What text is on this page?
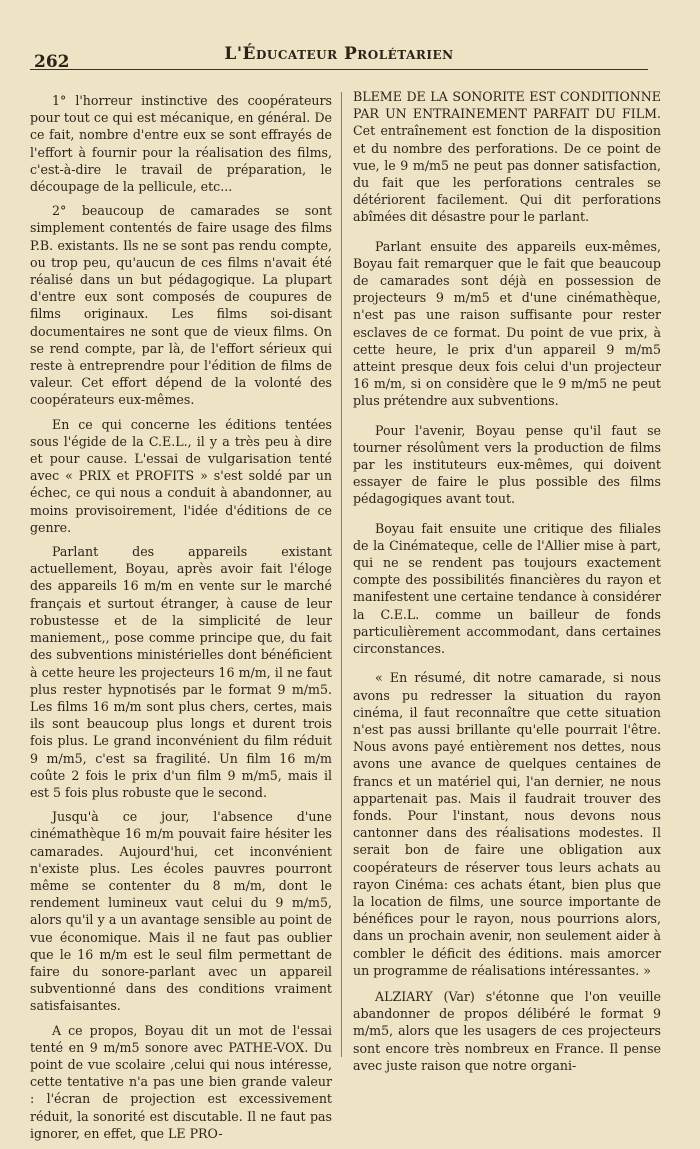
262	L'Éducateur Prolétarien

1° l'horreur instinctive des coopérateurs pour tout ce qui est mécanique, en général. De ce fait, nombre d'entre eux se sont effrayés de l'effort à fournir pour la réalisation des films, c'est-à-dire le travail de préparation, le découpage de la pellicule, etc...

2° beaucoup de camarades se sont simplement contentés de faire usage des films P.B. existants. Ils ne se sont pas rendu compte, ou trop peu, qu'aucun de ces films n'avait été réalisé dans un but pédagogique. La plupart d'entre eux sont composés de coupures de films originaux. Les films soi-disant documentaires ne sont que de vieux films. On se rend compte, par là, de l'effort sérieux qui reste à entreprendre pour l'édition de films de valeur. Cet effort dépend de la volonté des coopérateurs eux-mêmes.

En ce qui concerne les éditions tentées sous l'égide de la C.E.L., il y a très peu à dire et pour cause. L'essai de vulgarisation tenté avec « PRIX et PROFITS » s'est soldé par un échec, ce qui nous a conduit à abandonner, au moins provisoirement, l'idée d'éditions de ce genre.

Parlant des appareils existant actuellement, Boyau, après avoir fait l'éloge des appareils 16 m/m en vente sur le marché français et surtout étranger, à cause de leur robustesse et de la simplicité de leur maniement,, pose comme principe que, du fait des subventions ministérielles dont bénéficient à cette heure les projecteurs 16 m/m, il ne faut plus rester hypnotisés par le format 9 m/m5. Les films 16 m/m sont plus chers, certes, mais ils sont beaucoup plus longs et durent trois fois plus. Le grand inconvénient du film réduit 9 m/m5, c'est sa fragilité. Un film 16 m/m coûte 2 fois le prix d'un film 9 m/m5, mais il est 5 fois plus robuste que le second.

Jusqu'à ce jour, l'absence d'une cinémathèque 16 m/m pouvait faire hésiter les camarades. Aujourd'hui, cet inconvénient n'existe plus. Les écoles pauvres pourront même se contenter du 8 m/m, dont le rendement lumineux vaut celui du 9 m/m5, alors qu'il y a un avantage sensible au point de vue économique. Mais il ne faut pas oublier que le 16 m/m est le seul film permettant de faire du sonore-parlant avec un appareil subventionné dans des conditions vraiment satisfaisantes.

A ce propos, Boyau dit un mot de l'essai tenté en 9 m/m5 sonore avec PATHE-VOX. Du point de vue scolaire ,celui qui nous intéresse, cette tentative n'a pas une bien grande valeur : l'écran de projection est excessivement réduit, la sonorité est discutable. Il ne faut pas ignorer, en effet, que LE PRO-

BLEME DE LA SONORITE EST CONDITIONNE PAR UN ENTRAINEMENT PARFAIT DU FILM. Cet entraînement est fonction de la disposition et du nombre des perforations. De ce point de vue, le 9 m/m5 ne peut pas donner satisfaction, du fait que les perforations centrales se détériorent facilement. Qui dit perforations abîmées dit désastre pour le parlant.

Parlant ensuite des appareils eux-mêmes, Boyau fait remarquer que le fait que beaucoup de camarades sont déjà en possession de projecteurs 9 m/m5 et d'une cinémathèque, n'est pas une raison suffisante pour rester esclaves de ce format. Du point de vue prix, à cette heure, le prix d'un appareil 9 m/m5 atteint presque deux fois celui d'un projecteur 16 m/m, si on considère que le 9 m/m5 ne peut plus prétendre aux subventions.

Pour l'avenir, Boyau pense qu'il faut se tourner résolûment vers la production de films par les instituteurs eux-mêmes, qui doivent essayer de faire le plus possible des films pédagogiques avant tout.

Boyau fait ensuite une critique des filiales de la Cinémateque, celle de l'Allier mise à part, qui ne se rendent pas toujours exactement compte des possibilités financières du rayon et manifestent une certaine tendance à considérer la C.E.L. comme un bailleur de fonds particulièrement accommodant, dans certaines circonstances.

« En résumé, dit notre camarade, si nous avons pu redresser la situation du rayon cinéma, il faut reconnaître que cette situation n'est pas aussi brillante qu'elle pourrait l'être. Nous avons payé entièrement nos dettes, nous avons une avance de quelques centaines de francs et un matériel qui, l'an dernier, ne nous appartenait pas. Mais il faudrait trouver des fonds. Pour l'instant, nous devons nous cantonner dans des réalisations modestes. Il serait bon de faire une obligation aux coopérateurs de réserver tous leurs achats au rayon Cinéma: ces achats étant, bien plus que la location de films, une source importante de bénéfices pour le rayon, nous pourrions alors, dans un prochain avenir, non seulement aider à combler le déficit des éditions. mais amorcer un programme de réalisations intéressantes. »

ALZIARY (Var) s'étonne que l'on veuille abandonner de propos délibéré le format 9 m/m5, alors que les usagers de ces projecteurs sont encore très nombreux en France. Il pense avec juste raison que notre organi-
